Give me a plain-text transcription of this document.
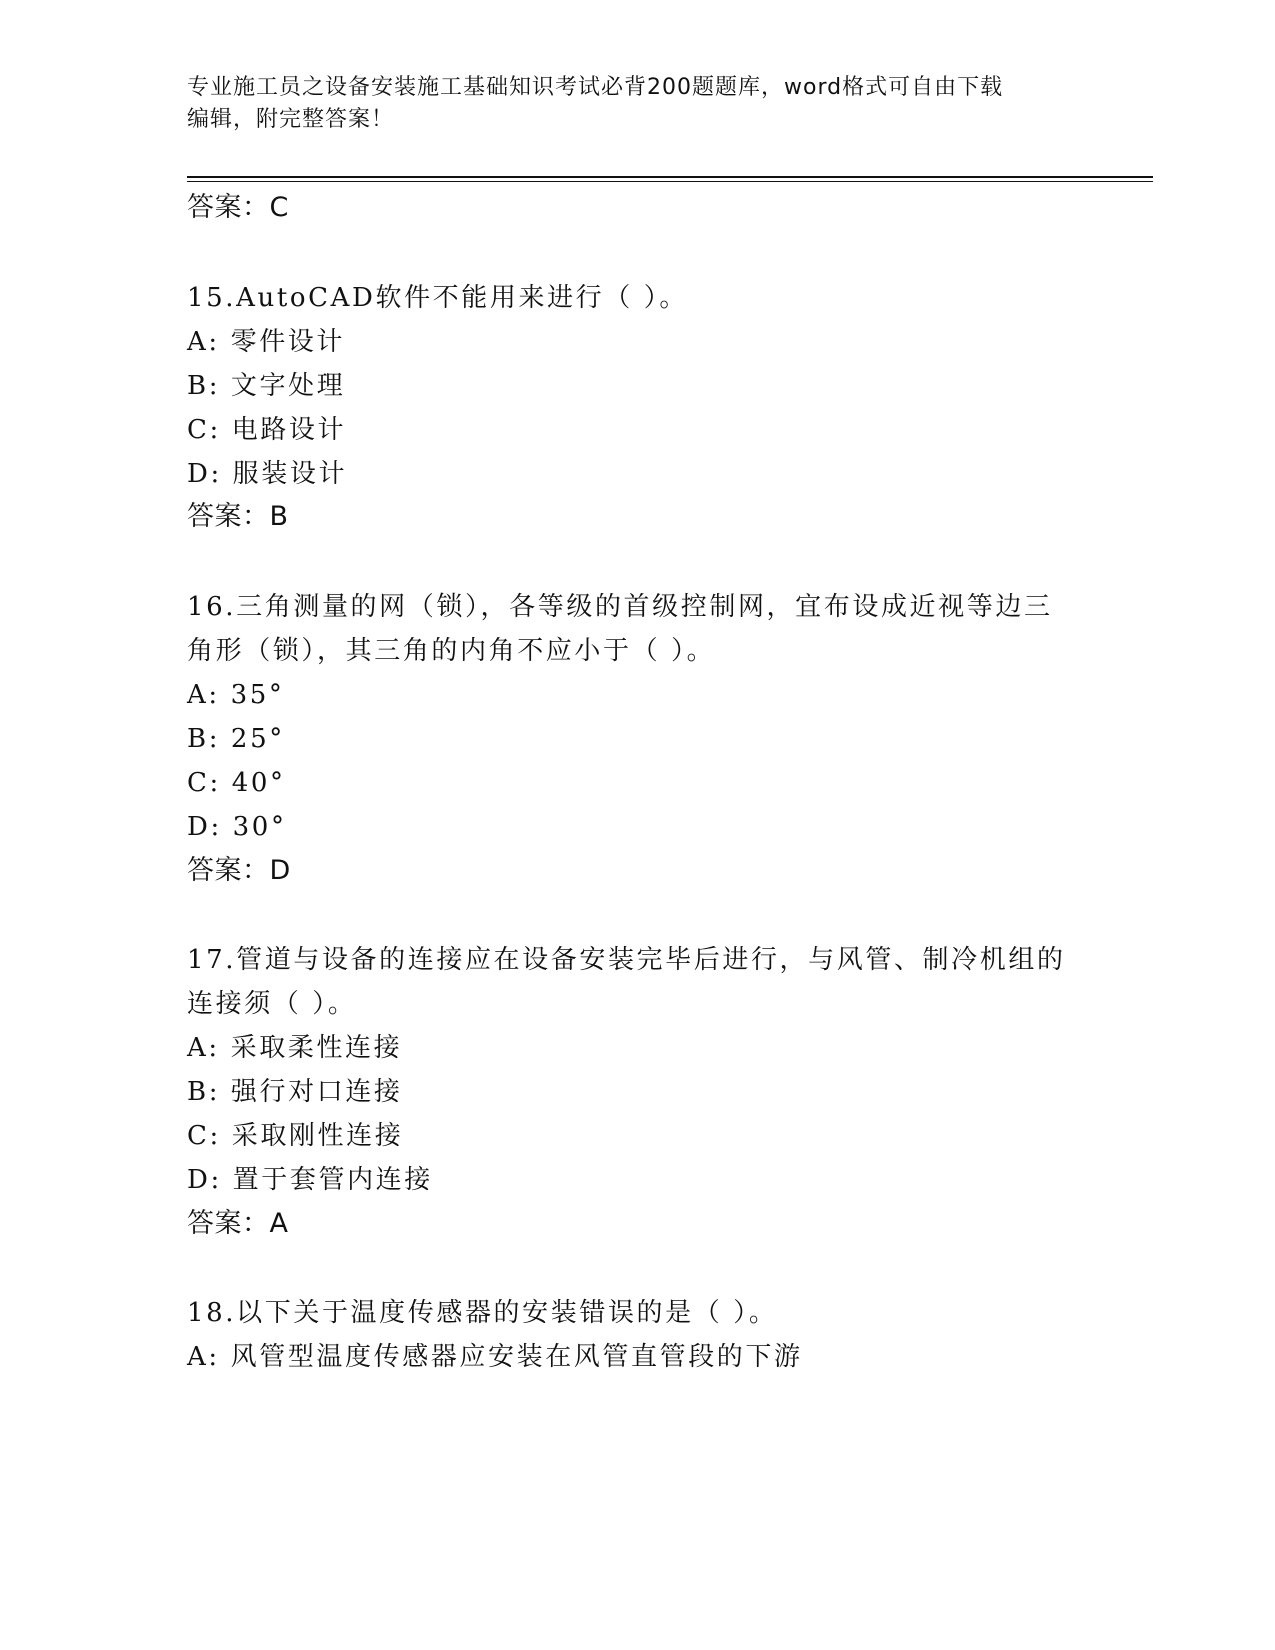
专业施工员之设备安装施工基础知识考试必背200题题库，word格式可自由下载
编辑，附完整答案！
答案：C
15.AutoCAD软件不能用来进行（ ）。
A: 零件设计
B: 文字处理
C: 电路设计
D: 服装设计
答案：B
16.三角测量的网（锁），各等级的首级控制网，宜布设成近视等边三
角形（锁），其三角的内角不应小于（ ）。
A: 35°
B: 25°
C: 40°
D: 30°
答案：D
17.管道与设备的连接应在设备安装完毕后进行，与风管、制冷机组的
连接须（ ）。
A: 采取柔性连接
B: 强行对口连接
C: 采取刚性连接
D: 置于套管内连接
答案：A
18.以下关于温度传感器的安装错误的是（ ）。
A: 风管型温度传感器应安装在风管直管段的下游
